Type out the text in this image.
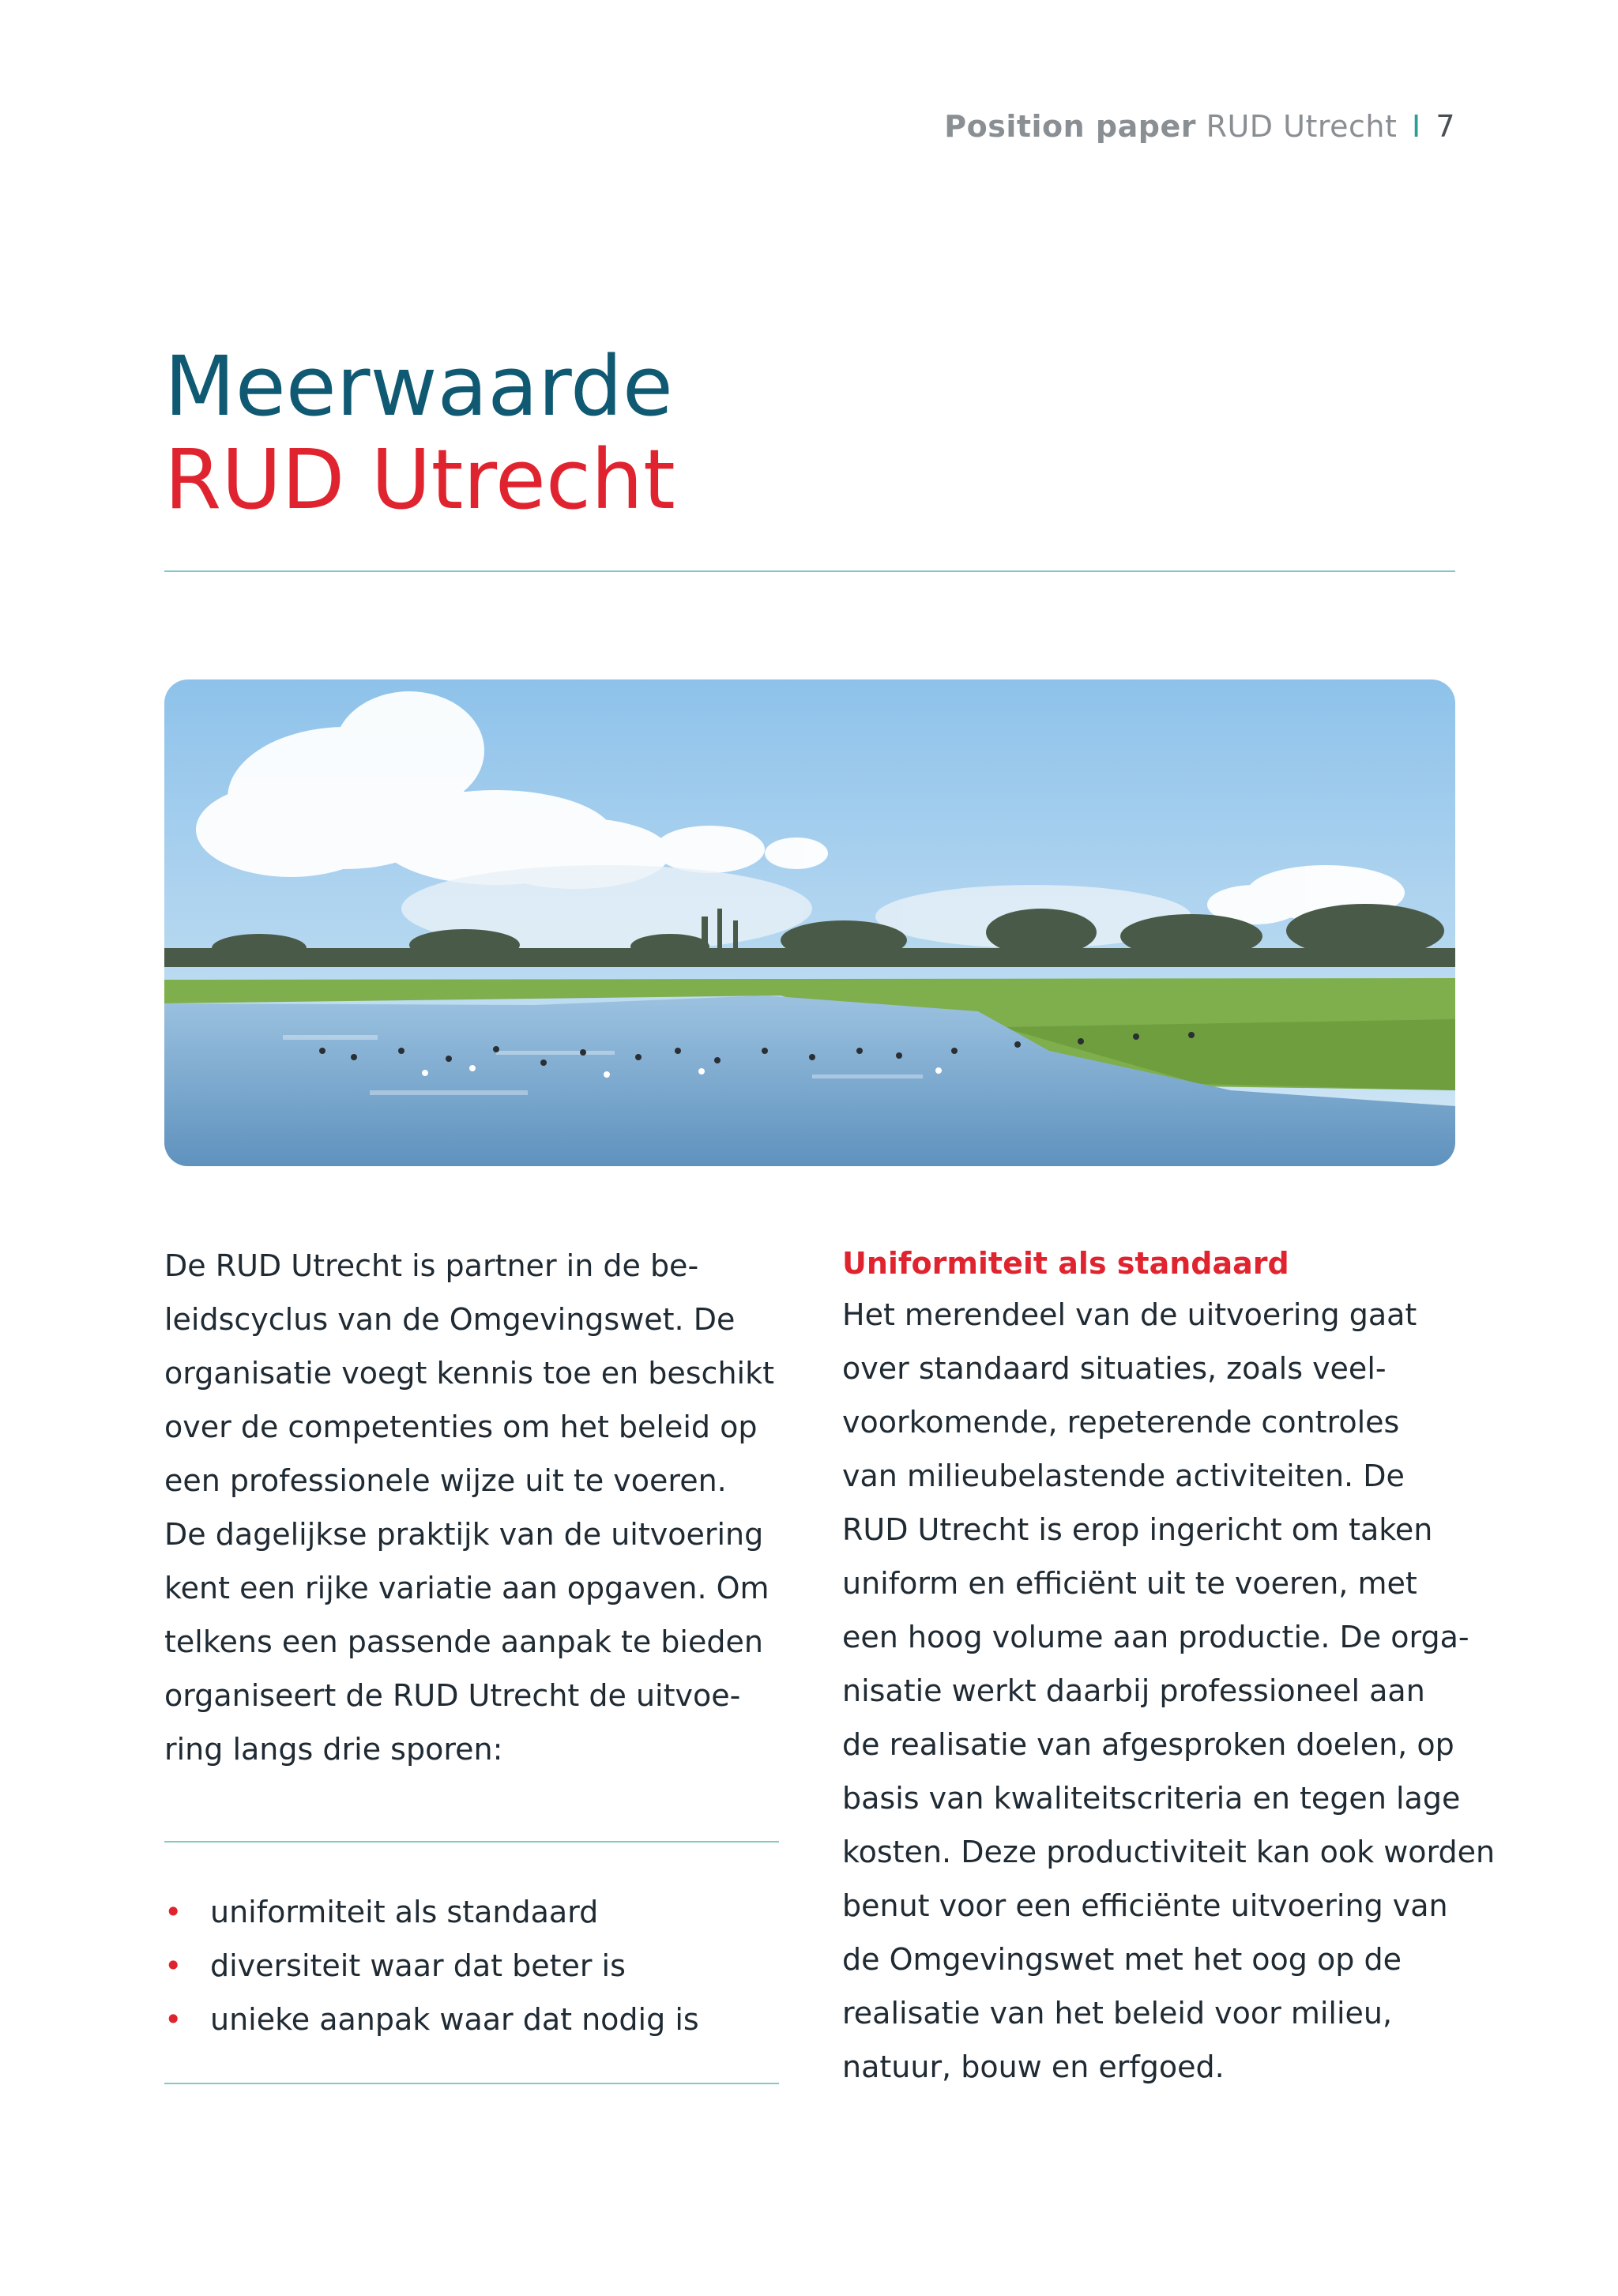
Position paper RUD Utrecht I 7
Meerwaarde
RUD Utrecht

De RUD Utrecht is partner in de be-

leidscyclus van de Omgevingswet. De

organisatie voegt kennis toe en beschikt

over de competenties om het beleid op

een professionele wijze uit te voeren.

De dagelijkse praktijk van de uitvoering

kent een rijke variatie aan opgaven. Om

telkens een passende aanpak te bieden

organiseert de RUD Utrecht de uitvoe-

ring langs drie sporen:

• uniformiteit als standaard
• diversiteit waar dat beter is
• unieke aanpak waar dat nodig is

Uniformiteit als standaard

Het merendeel van de uitvoering gaat

over standaard situaties, zoals veel-

voorkomende, repeterende controles

van milieubelastende activiteiten. De

RUD Utrecht is erop ingericht om taken

uniform en efficiënt uit te voeren, met

een hoog volume aan productie. De orga-

nisatie werkt daarbij professioneel aan

de realisatie van afgesproken doelen, op

basis van kwaliteitscriteria en tegen lage

kosten. Deze productiviteit kan ook worden

benut voor een efficiënte uitvoering van

de Omgevingswet met het oog op de

realisatie van het beleid voor milieu,

natuur, bouw en erfgoed.
